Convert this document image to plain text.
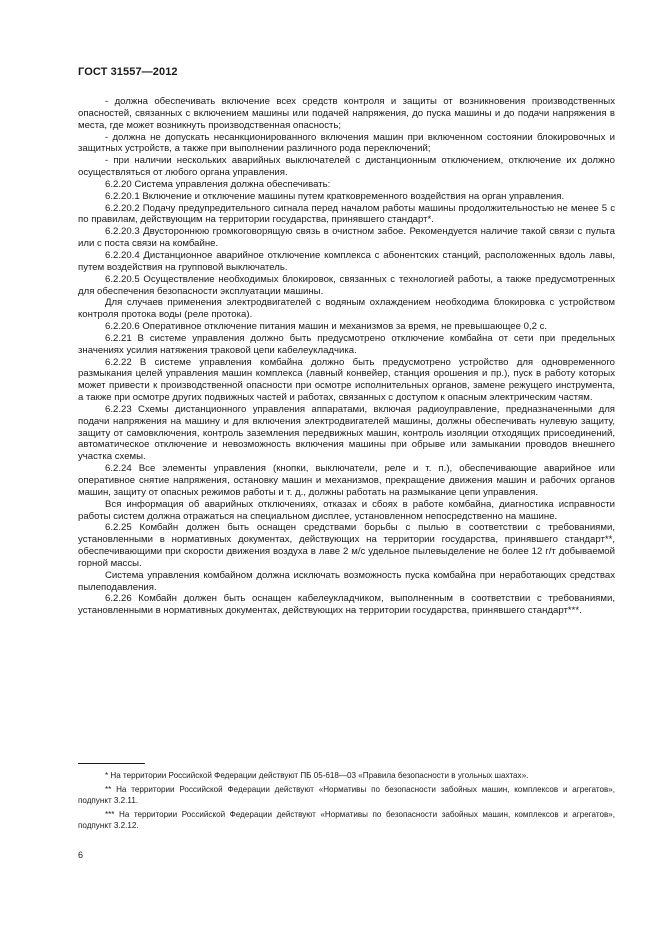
ГОСТ 31557—2012

- должна обеспечивать включение всех средств контроля и защиты от возникновения производственных опасностей, связанных с включением машины или подачей напряжения, до пуска машины и до подачи напряжения в места, где может возникнуть производственная опасность;

- должна не допускать несанкционированного включения машин при включенном состоянии блокировочных и защитных устройств, а также при выполнении различного рода переключений;

- при наличии нескольких аварийных выключателей с дистанционным отключением, отключение их должно осуществляться от любого органа управления.

6.2.20 Система управления должна обеспечивать:

6.2.20.1 Включение и отключение машины путем кратковременного воздействия на орган управления.

6.2.20.2 Подачу предупредительного сигнала перед началом работы машины продолжительностью не менее 5 с по правилам, действующим на территории государства, принявшего стандарт*.

6.2.20.3 Двустороннюю громкоговорящую связь в очистном забое. Рекомендуется наличие такой связи с пульта или с поста связи на комбайне.

6.2.20.4 Дистанционное аварийное отключение комплекса с абонентских станций, расположенных вдоль лавы, путем воздействия на групповой выключатель.

6.2.20.5 Осуществление необходимых блокировок, связанных с технологией работы, а также предусмотренных для обеспечения безопасности эксплуатации машины.

Для случаев применения электродвигателей с водяным охлаждением необходима блокировка с устройством контроля протока воды (реле протока).

6.2.20.6 Оперативное отключение питания машин и механизмов за время, не превышающее 0,2 с.

6.2.21 В системе управления должно быть предусмотрено отключение комбайна от сети при предельных значениях усилия натяжения траковой цепи кабелеукладчика.

6.2.22 В системе управления комбайна должно быть предусмотрено устройство для одновременного размыкания целей управления машин комплекса (лавный конвейер, станция орошения и пр.), пуск в работу которых может привести к производственной опасности при осмотре исполнительных органов, замене режущего инструмента, а также при осмотре других подвижных частей и работах, связанных с доступом к опасным электрическим частям.

6.2.23 Схемы дистанционного управления аппаратами, включая радиоуправление, предназначенными для подачи напряжения на машину и для включения электродвигателей машины, должны обеспечивать нулевую защиту, защиту от самовключения, контроль заземления передвижных машин, контроль изоляции отходящих присоединений, автоматическое отключение и невозможность включения машины при обрыве или замыкании проводов внешнего участка схемы.

6.2.24 Все элементы управления (кнопки, выключатели, реле и т. п.), обеспечивающие аварийное или оперативное снятие напряжения, остановку машин и механизмов, прекращение движения машин и рабочих органов машин, защиту от опасных режимов работы и т. д., должны работать на размыкание цепи управления.

Вся информация об аварийных отключениях, отказах и сбоях в работе комбайна, диагностика исправности работы систем должна отражаться на специальном дисплее, установленном непосредственно на машине.

6.2.25 Комбайн должен быть оснащен средствами борьбы с пылью в соответствии с требованиями, установленными в нормативных документах, действующих на территории государства, принявшего стандарт**, обеспечивающими при скорости движения воздуха в лаве 2 м/с удельное пылевыделение не более 12 г/т добываемой горной массы.

Система управления комбайном должна исключать возможность пуска комбайна при неработающих средствах пылеподавления.

6.2.26 Комбайн должен быть оснащен кабелеукладчиком, выполненным в соответствии с требованиями, установленными в нормативных документах, действующих на территории государства, принявшего стандарт***.

* На территории Российской Федерации действуют ПБ 05-618—03 «Правила безопасности в угольных шахтах».

** На территории Российской Федерации действуют «Нормативы по безопасности забойных машин, комплексов и агрегатов», подпункт 3.2.11.

*** На территории Российской Федерации действуют «Нормативы по безопасности забойных машин, комплексов и агрегатов», подпункт 3.2.12.

6
